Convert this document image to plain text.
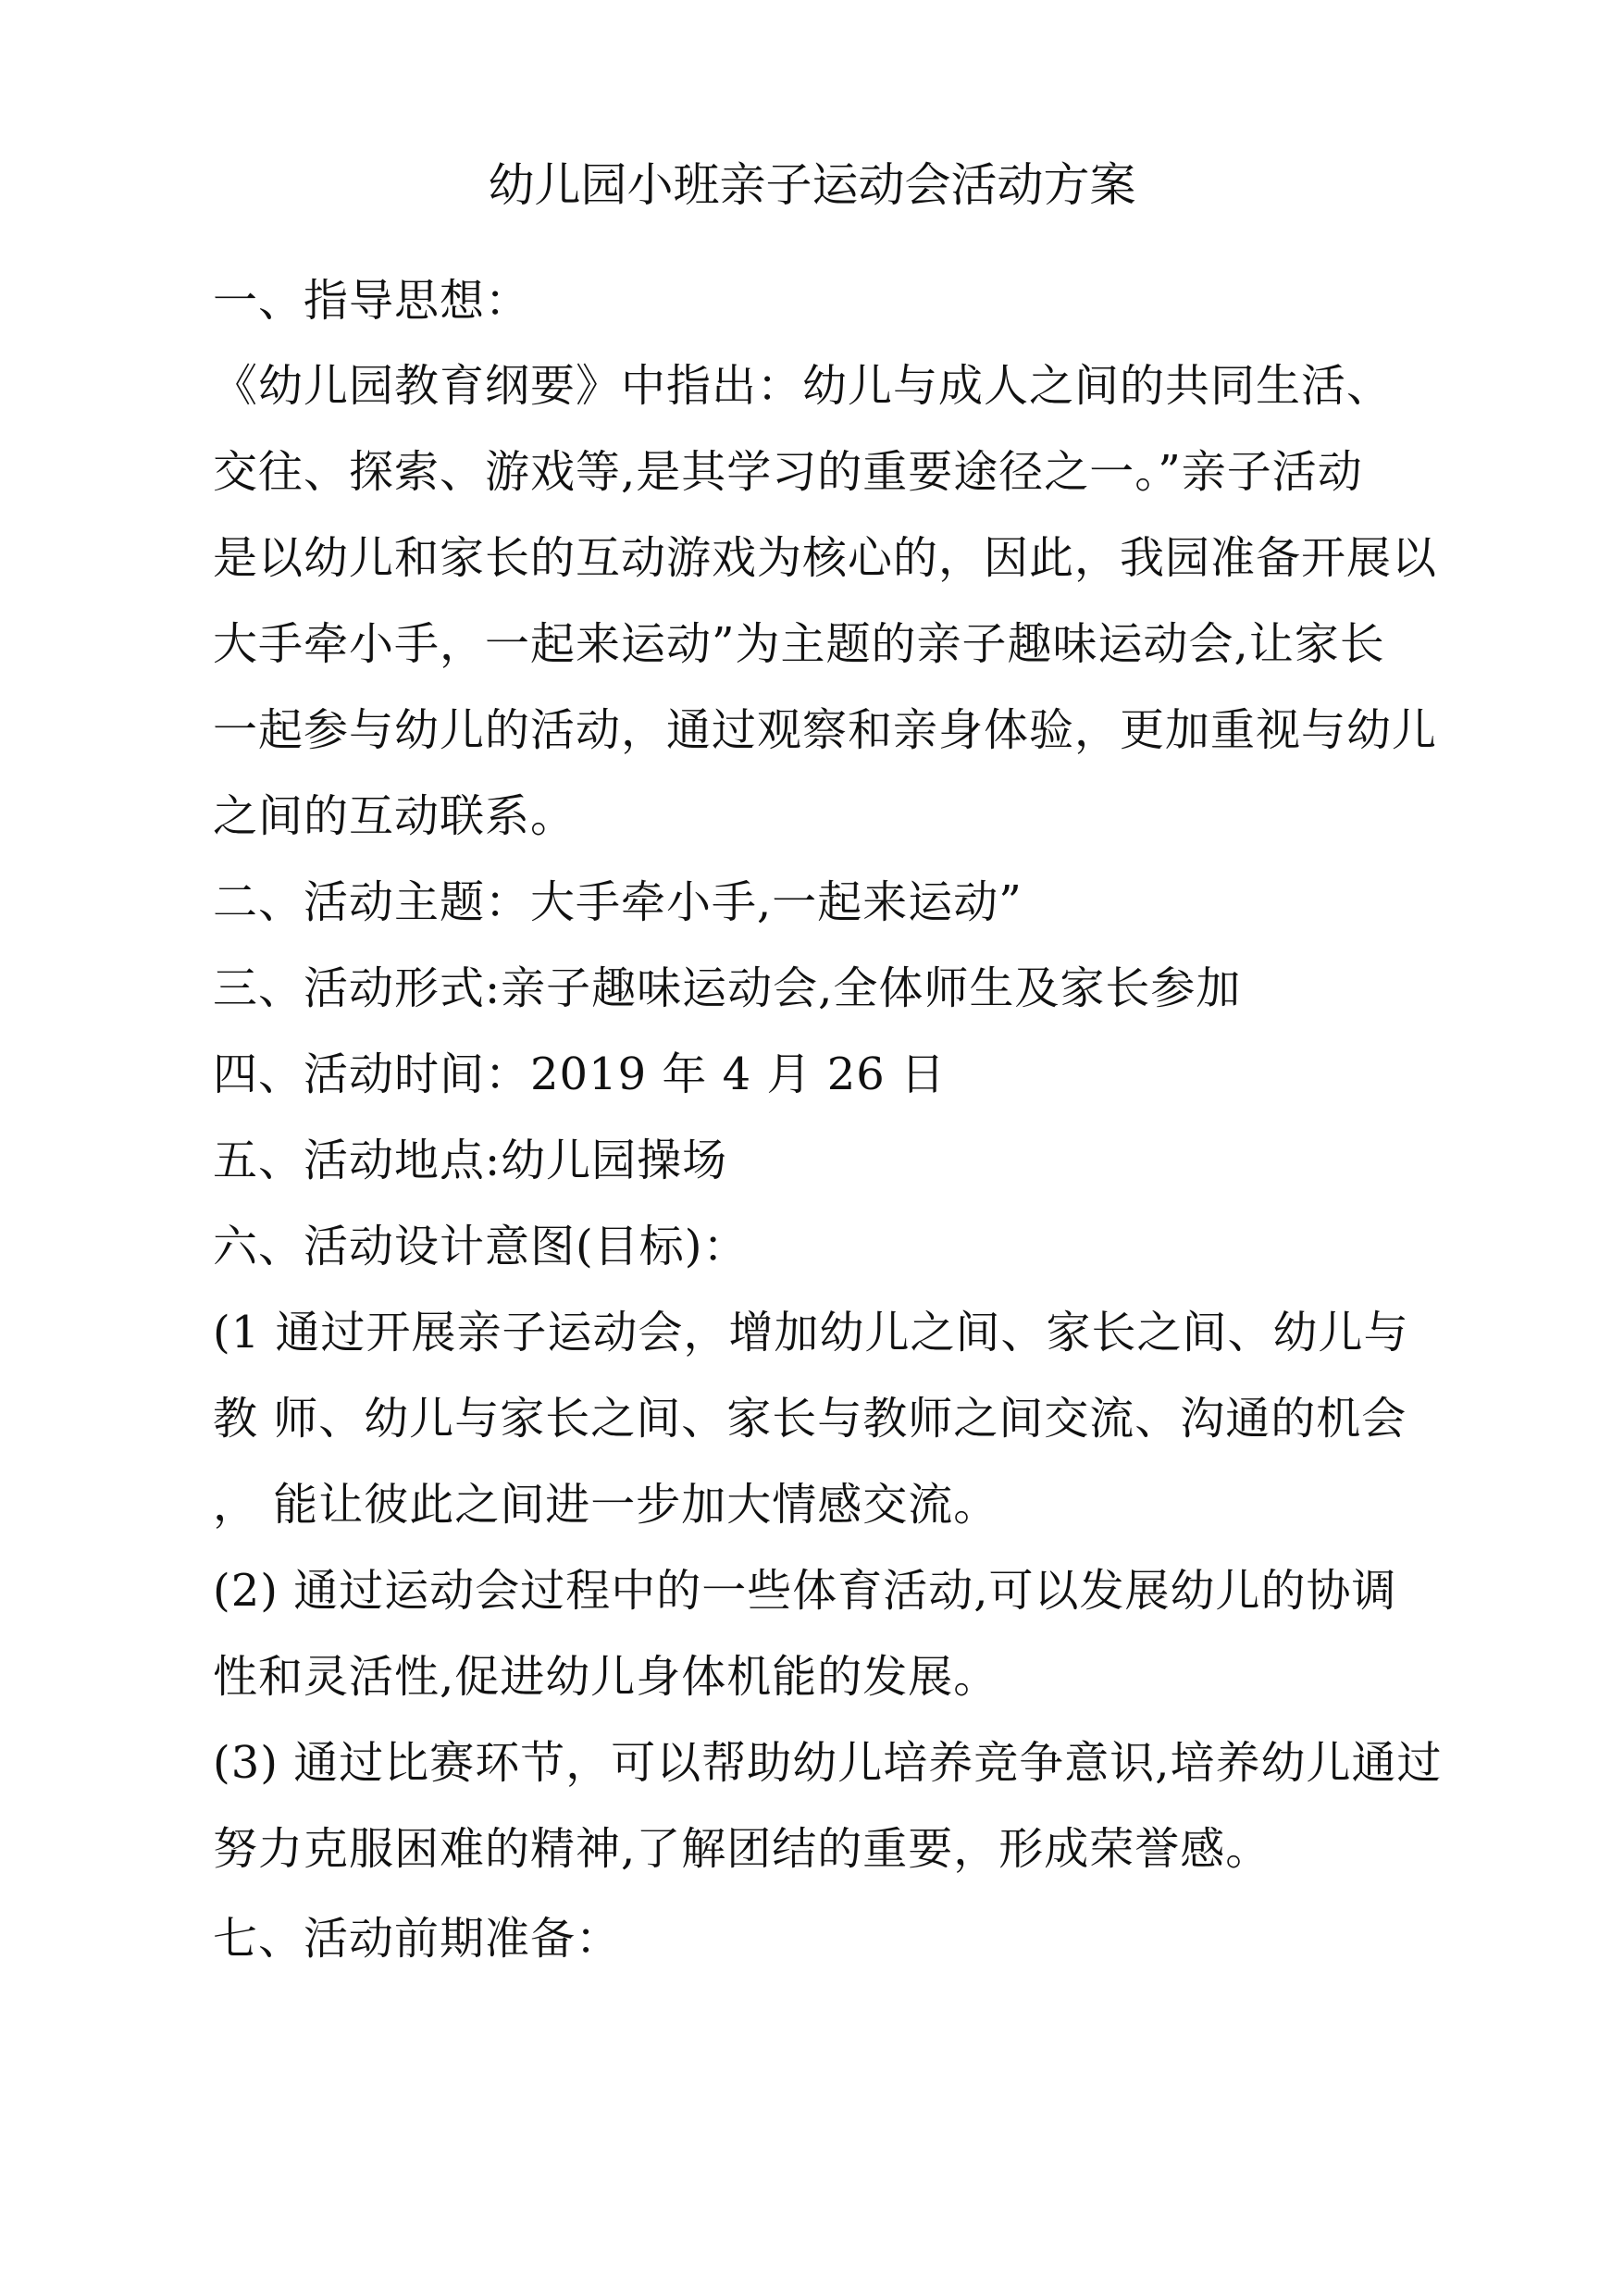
幼儿园小班亲子运动会活动方案
一、指导思想：
《幼儿园教育纲要》中指出：幼儿与成人之间的共同生活、
交往、探索、游戏等,是其学习的重要途径之一。”亲子活动
是以幼儿和家长的互动游戏为核心的，因此，我园准备开展以
大手牵小手，一起来运动”为主题的亲子趣味运动会,让家长
一起参与幼儿的活动，通过观察和亲身体验，更加重视与幼儿
之间的互动联系。
二、活动主题：大手牵小手,一起来运动”
三、活动形式:亲子趣味运动会,全体师生及家长参加
四、活动时间：2019 年 4 月 26 日
五、活动地点:幼儿园操场
六、活动设计意图(目标)：
(1 通过开展亲子运动会，增加幼儿之间、家长之间、幼儿与
教 师、幼儿与家长之间、家长与教师之间交流、沟通的机会
， 能让彼此之间进一步加大情感交流。
(2) 通过运动会过程中的一些体育活动,可以发展幼儿的协调
性和灵活性,促进幼儿身体机能的发展。
(3) 通过比赛环节，可以帮助幼儿培养竞争意识,培养幼儿通过
努力克服困难的精神,了解团结的重要，形成荣誉感。
七、活动前期准备：
